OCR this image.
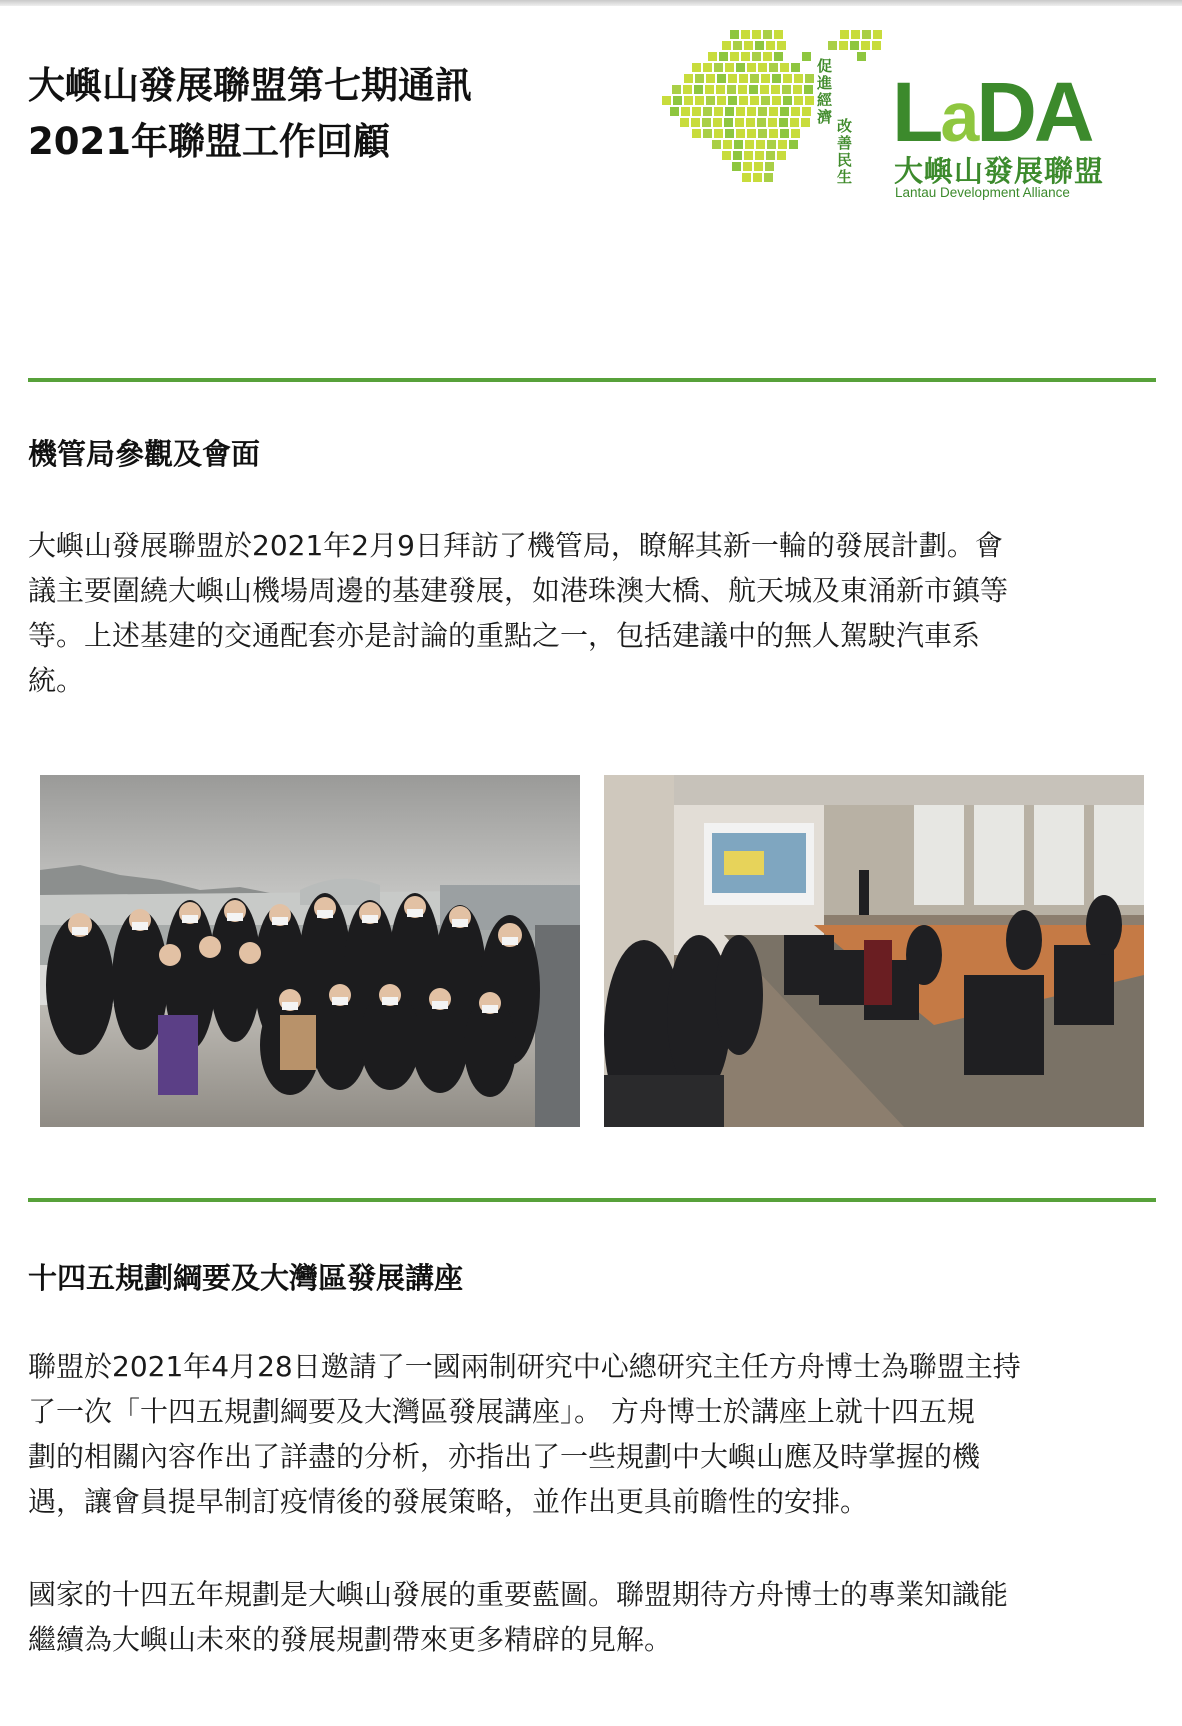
大嶼山發展聯盟第七期通訊
2021年聯盟工作回顧
促進經濟 改善民生
LaDA
大嶼山發展聯盟
Lantau Development Alliance
機管局參觀及會面
大嶼山發展聯盟於2021年2月9日拜訪了機管局，瞭解其新一輪的發展計劃。會
議主要圍繞大嶼山機場周邊的基建發展，如港珠澳大橋、航天城及東涌新市鎮等
等。上述基建的交通配套亦是討論的重點之一，包括建議中的無人駕駛汽車系
統。
十四五規劃綱要及大灣區發展講座
聯盟於2021年4月28日邀請了一國兩制研究中心總研究主任方舟博士為聯盟主持
了一次「十四五規劃綱要及大灣區發展講座」。 方舟博士於講座上就十四五規
劃的相關內容作出了詳盡的分析，亦指出了一些規劃中大嶼山應及時掌握的機
遇，讓會員提早制訂疫情後的發展策略，並作出更具前瞻性的安排。
國家的十四五年規劃是大嶼山發展的重要藍圖。聯盟期待方舟博士的專業知識能
繼續為大嶼山未來的發展規劃帶來更多精辟的見解。
